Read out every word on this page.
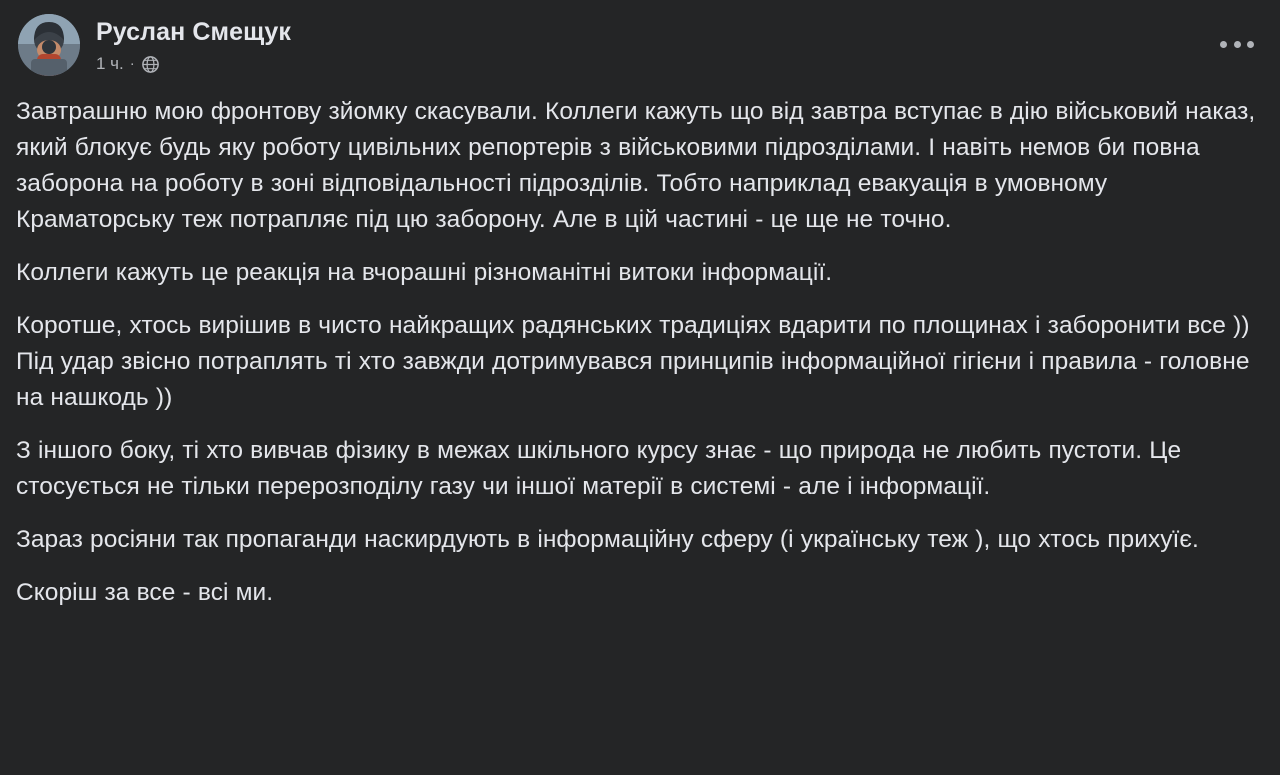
Руслан Смещук
1 ч. ·

Завтрашню мою фронтову зйомку скасували. Коллеги кажуть що від завтра вступає в дію військовий наказ, який блокує будь яку роботу цивільних репортерів з військовими підрозділами. І навіть немов би повна заборона на роботу в зоні відповідальності підрозділів. Тобто наприклад евакуація в умовному Краматорську теж потрапляє під цю заборону. Але в цій частині - це ще не точно.

Коллеги кажуть це реакція на вчорашні різноманітні витоки інформації.

Коротше, хтось вирішив в чисто найкращих радянських традиціях вдарити по площинах і заборонити все )) Під удар звісно потраплять ті хто завжди дотримувався принципів інформаційної гігієни і правила - головне на нашкодь ))

З іншого боку, ті хто вивчав фізику в межах шкільного курсу знає - що природа не любить пустоти. Це стосується не тільки перерозподілу газу чи іншої матерії в системі - але і інформації.

Зараз росіяни так пропаганди наскирдують в інформаційну сферу (і українську теж ), що хтось прихуїє.

Скоріш за все - всі ми.
